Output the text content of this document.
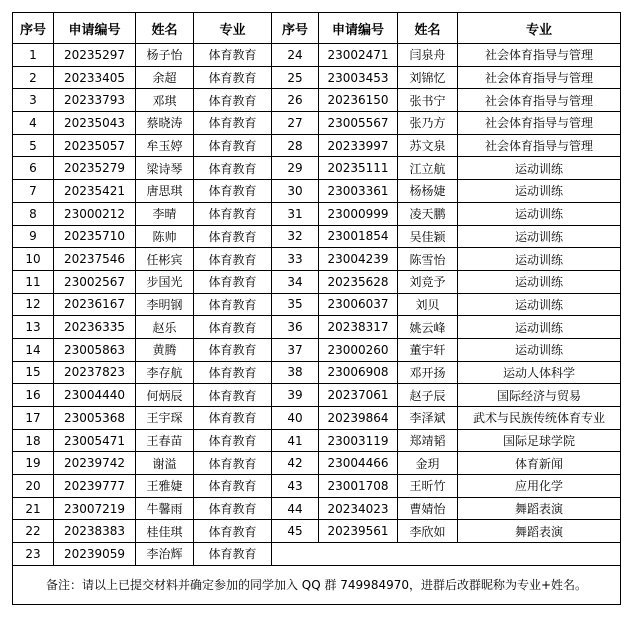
序号	申请编号	姓名	专业	序号	申请编号	姓名	专业
1	20235297	杨子怡	体育教育	24	23002471	闫泉舟	社会体育指导与管理
2	20233405	余超	体育教育	25	23003453	刘锦忆	社会体育指导与管理
3	20233793	邓琪	体育教育	26	20236150	张书宁	社会体育指导与管理
4	20235043	蔡晓涛	体育教育	27	23005567	张乃方	社会体育指导与管理
5	20235057	牟玉婷	体育教育	28	20233997	苏文泉	社会体育指导与管理
6	20235279	梁诗琴	体育教育	29	20235111	江立航	运动训练
7	20235421	唐思琪	体育教育	30	23003361	杨杨婕	运动训练
8	23000212	李晴	体育教育	31	23000999	凌天鹏	运动训练
9	20235710	陈帅	体育教育	32	23001854	吴佳颖	运动训练
10	20237546	任彬宾	体育教育	33	23004239	陈雪怡	运动训练
11	23002567	步国光	体育教育	34	20235628	刘竞予	运动训练
12	20236167	李明钢	体育教育	35	23006037	刘贝	运动训练
13	20236335	赵乐	体育教育	36	20238317	姚云峰	运动训练
14	23005863	黄腾	体育教育	37	23000260	董宇轩	运动训练
15	20237823	李存航	体育教育	38	23006908	邓开扬	运动人体科学
16	23004440	何炳辰	体育教育	39	20237061	赵子辰	国际经济与贸易
17	23005368	王宇琛	体育教育	40	20239864	李泽斌	武术与民族传统体育专业
18	23005471	王春苗	体育教育	41	23003119	郑靖韬	国际足球学院
19	20239742	谢溢	体育教育	42	23004466	金玥	体育新闻
20	20239777	王雅婕	体育教育	43	23001708	王昕竹	应用化学
21	23007219	牛馨雨	体育教育	44	20234023	曹婧怡	舞蹈表演
22	20238383	桂佳琪	体育教育	45	20239561	李欣如	舞蹈表演
23	20239059	李治辉	体育教育				
备注：请以上已提交材料并确定参加的同学加入 QQ 群 749984970，进群后改群昵称为专业+姓名。							
